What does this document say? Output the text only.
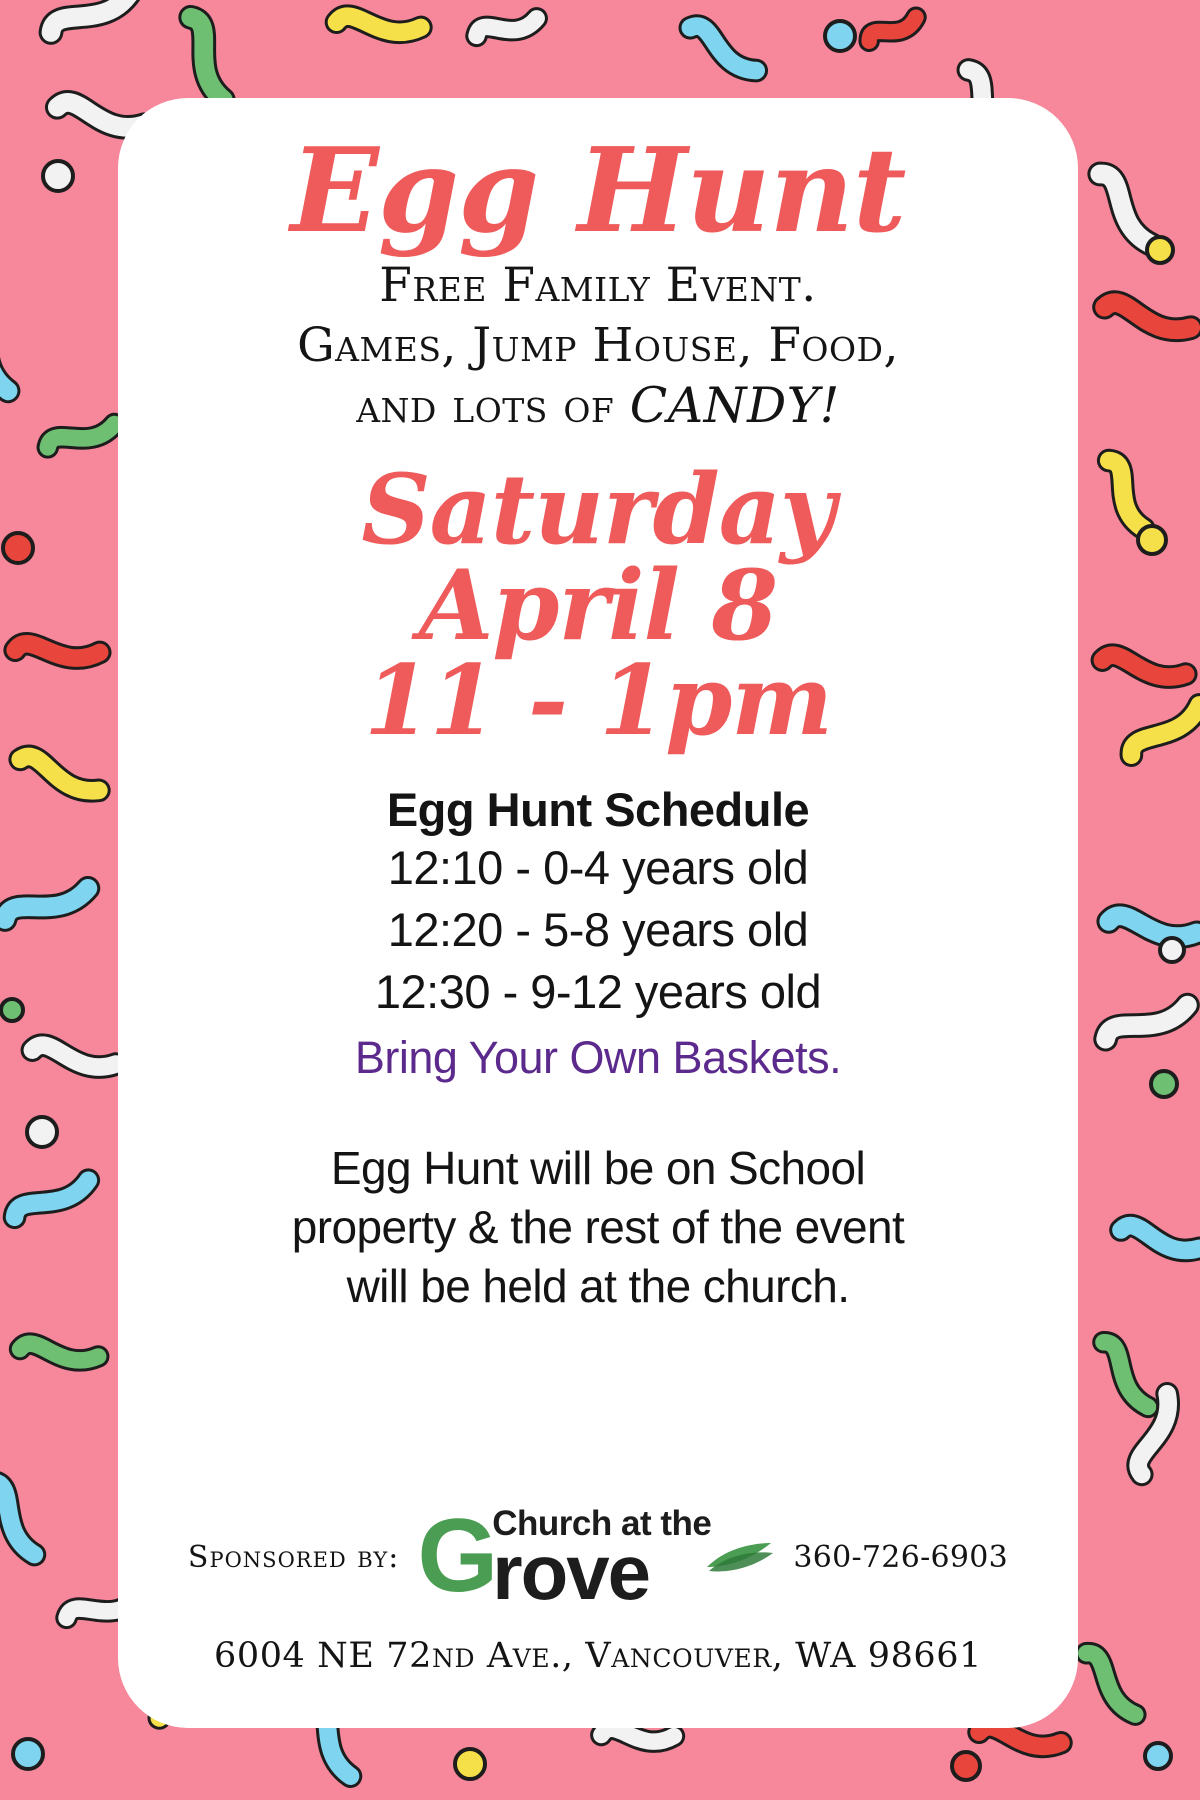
Egg Hunt
Free Family Event.
Games, Jump House, Food,
and lots of CANDY!
Saturday
April 8
11 - 1pm
Egg Hunt Schedule
12:10 - 0-4 years old
12:20 - 5-8 years old
12:30 - 9-12 years old
Bring Your Own Baskets.
Egg Hunt will be on School
property & the rest of the event
will be held at the church.
Sponsored by: G
Church at the
rove	360-726-6903
6004 NE 72nd Ave., Vancouver, WA 98661
